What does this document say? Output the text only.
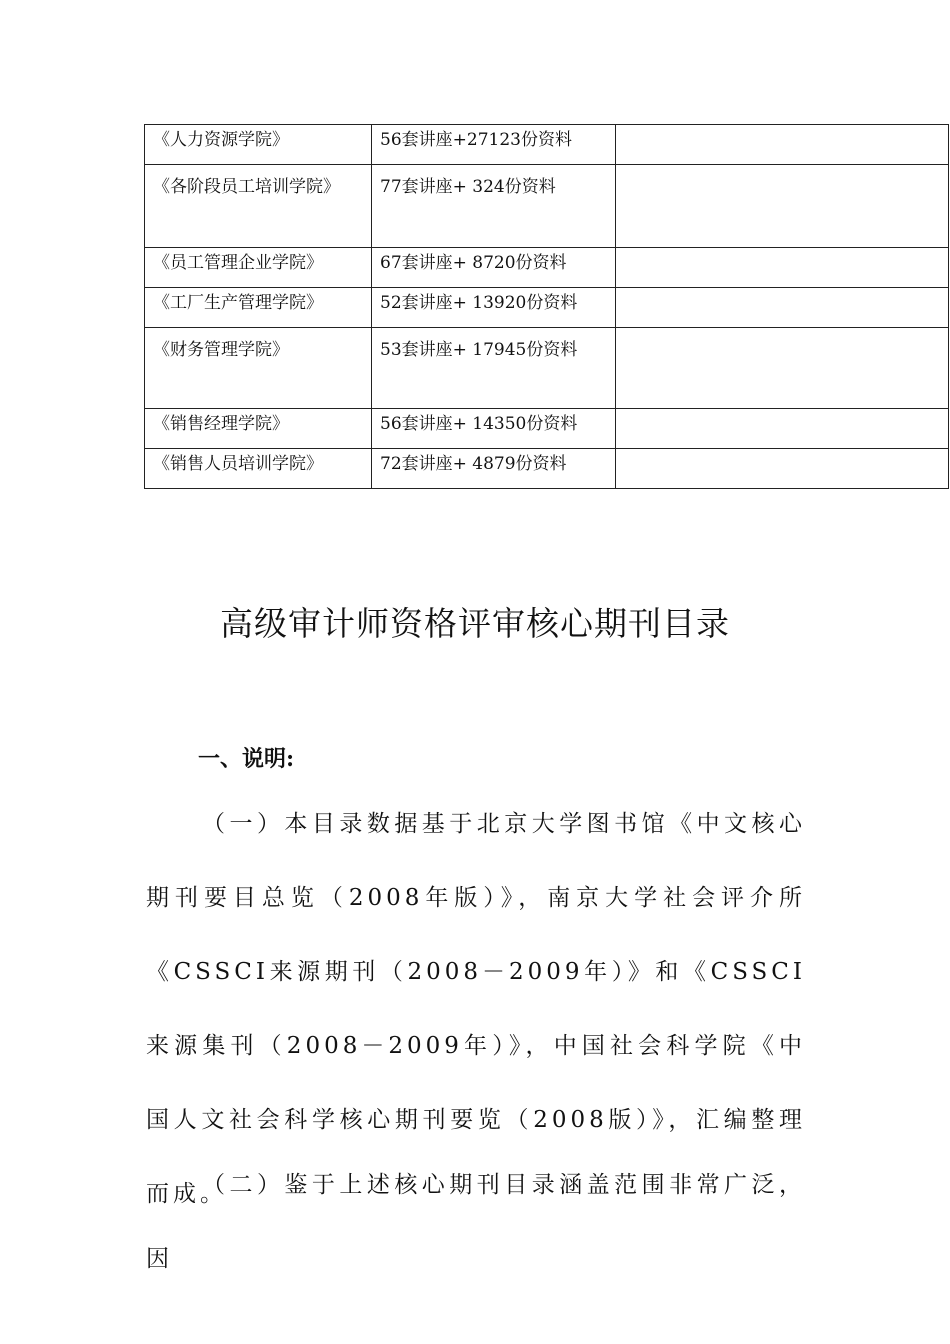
《人力资源学院》	56套讲座+27123份资料	
《各阶段员工培训学院》	77套讲座+ 324份资料	
《员工管理企业学院》	67套讲座+ 8720份资料	
《工厂生产管理学院》	52套讲座+ 13920份资料	
《财务管理学院》	53套讲座+ 17945份资料	
《销售经理学院》	56套讲座+ 14350份资料	
《销售人员培训学院》	72套讲座+ 4879份资料	
高级审计师资格评审核心期刊目录
一、说明:

（一）本目录数据基于北京大学图书馆《中文核心期刊要目总览（2008年版）》，南京大学社会评介所《CSSCI来源期刊（2008－2009年）》和《CSSCI来源集刊（2008－2009年）》，中国社会科学院《中国人文社会科学核心期刊要览（2008版）》，汇编整理而成。

（二）鉴于上述核心期刊目录涵盖范围非常广泛，因
